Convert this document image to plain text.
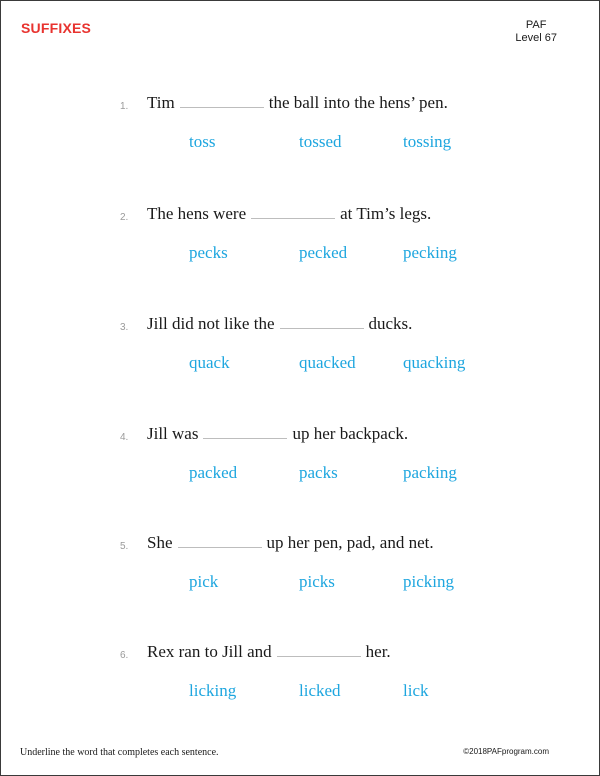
SUFFIXES	PAF
Level 67
1. Tim	the ball into the hens’ pen.
toss	tossed	tossing
2. The hens were	at Tim’s legs.
pecks	pecked	pecking
3. Jill did not like the	ducks.
quack	quacked	quacking
4. Jill was	up her backpack.
packed	packs	packing
5. She	up her pen, pad, and net.
pick	picks	picking
6. Rex ran to Jill and	her.
licking	licked	lick
Underline the word that completes each sentence.	©2018PAFprogram.com
